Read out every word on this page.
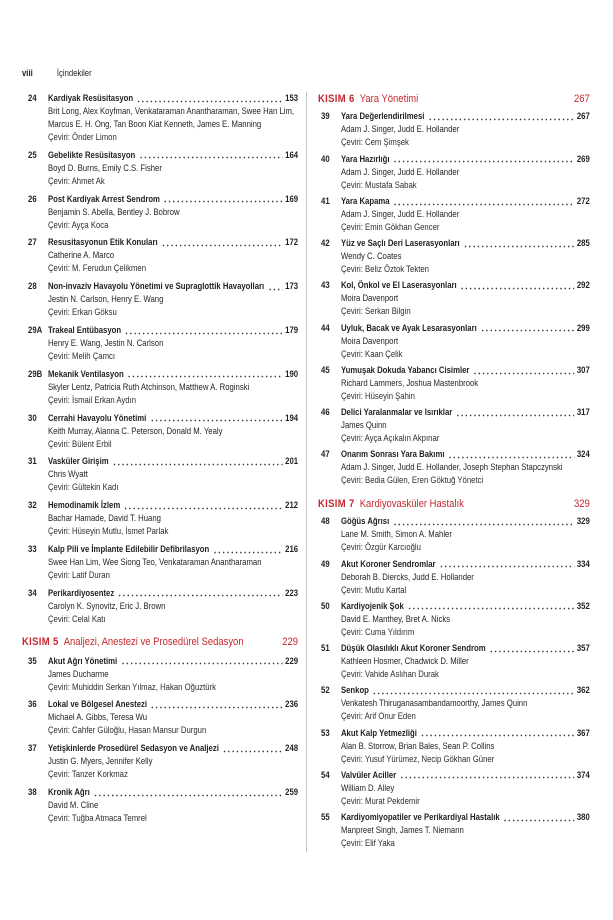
viii	İçindekiler
24	Kardiyak Resüsitasyon	153
Brit Long, Alex Koyfman, Venkataraman Anantharaman, Swee Han Lim, Marcus E. H. Ong, Tan Boon Kiat Kenneth, James E. Manning
Çeviri: Önder Limon
25	Gebelikte Resüsitasyon	164
Boyd D. Burns, Emily C.S. Fisher
Çeviri: Ahmet Ak
26	Post Kardiyak Arrest Sendrom	169
Benjamin S. Abella, Bentley J. Bobrow
Çeviri: Ayça Koca
27	Resusitasyonun Etik Konuları	172
Catherine A. Marco
Çeviri: M. Ferudun Çelikmen
28	Non-invaziv Havayolu Yönetimi ve Supraglottik Havayolları 173
Jestin N. Carlson, Henry E. Wang
Çeviri: Erkan Göksu
29A Trakeal Entübasyon	179
Henry E. Wang, Jestin N. Carlson
Çeviri: Melih Çamcı
29B Mekanik Ventilasyon	190
Skyler Lentz, Patricia Ruth Atchinson, Matthew A. Roginski
Çeviri: İsmail Erkan Aydın
30	Cerrahi Havayolu Yönetimi	194
Keith Murray, Alanna C. Peterson, Donald M. Yealy
Çeviri: Bülent Erbil
31	Vasküler Girişim	201
Chris Wyatt
Çeviri: Gültekin Kadı
32	Hemodinamik İzlem	212
Bachar Hamade, David T. Huang
Çeviri: Hüseyin Mutlu, İsmet Parlak
33	Kalp Pili ve İmplante Edilebilir Defibrilasyon	216
Swee Han Lim, Wee Siong Teo, Venkataraman Anantharaman
Çeviri: Latif Duran
34	Perikardiyosentez	223
Carolyn K. Synovitz, Eric J. Brown
Çeviri: Celal Katı
KISIM 5 Analjezi, Anestezi ve Prosedürel Sedasyon	229
35	Akut Ağrı Yönetimi	229
James Ducharme
Çeviri: Muhiddin Serkan Yılmaz, Hakan Oğuztürk
36	Lokal ve Bölgesel Anestezi	236
Michael A. Gibbs, Teresa Wu
Çeviri: Cahfer Güloğlu, Hasan Mansur Durgun
37	Yetişkinlerde Prosedürel Sedasyon ve Analjezi	248
Justin G. Myers, Jennifer Kelly
Çeviri: Tanzer Korkmaz
38	Kronik Ağrı	259
David M. Cline
Çeviri: Tuğba Atmaca Temrel
KISIM 6 Yara Yönetimi	267
39	Yara Değerlendirilmesi	267
Adam J. Singer, Judd E. Hollander
Çeviri: Cem Şimşek
40	Yara Hazırlığı	269
Adam J. Singer, Judd E. Hollander
Çeviri: Mustafa Sabak
41	Yara Kapama	272
Adam J. Singer, Judd E. Hollander
Çeviri: Emin Gökhan Gencer
42	Yüz ve Saçlı Deri Laserasyonları	285
Wendy C. Coates
Çeviri: Beliz Öztok Tekten
43	Kol, Önkol ve El Laserasyonları	292
Moira Davenport
Çeviri: Serkan Bilgin
44	Uyluk, Bacak ve Ayak Lesarasyonları	299
Moira Davenport
Çeviri: Kaan Çelik
45	Yumuşak Dokuda Yabancı Cisimler	307
Richard Lammers, Joshua Mastenbrook
Çeviri: Hüseyin Şahin
46	Delici Yaralanmalar ve Isırıklar	317
James Quinn
Çeviri: Ayça Açıkalın Akpınar
47	Onarım Sonrası Yara Bakımı	324
Adam J. Singer, Judd E. Hollander, Joseph Stephan Stapczynski
Çeviri: Bedia Gülen, Eren Göktuğ Yönetci
KISIM 7 Kardiyovasküler Hastalık	329
48	Göğüs Ağrısı	329
Lane M. Smith, Simon A. Mahler
Çeviri: Özgür Karcıoğlu
49	Akut Koroner Sendromlar	334
Deborah B. Diercks, Judd E. Hollander
Çeviri: Mutlu Kartal
50	Kardiyojenik Şok	352
David E. Manthey, Bret A. Nicks
Çeviri: Cuma Yıldırım
51	Düşük Olasılıklı Akut Koroner Sendrom	357
Kathleen Hosmer, Chadwick D. Miller
Çeviri: Vahide Aslıhan Durak
52	Senkop	362
Venkatesh Thiruganasambandamoorthy, James Quinn
Çeviri: Arif Onur Eden
53	Akut Kalp Yetmezliği	367
Alan B. Storrow, Brian Bales, Sean P. Collins
Çeviri: Yusuf Yürümez, Necip Gökhan Güner
54	Valvüler Aciller	374
William D. Alley
Çeviri: Murat Pekdemir
55	Kardiyomiyopatiler ve Perikardiyal Hastalık	380
Manpreet Singh, James T. Niemann
Çeviri: Elif Yaka
